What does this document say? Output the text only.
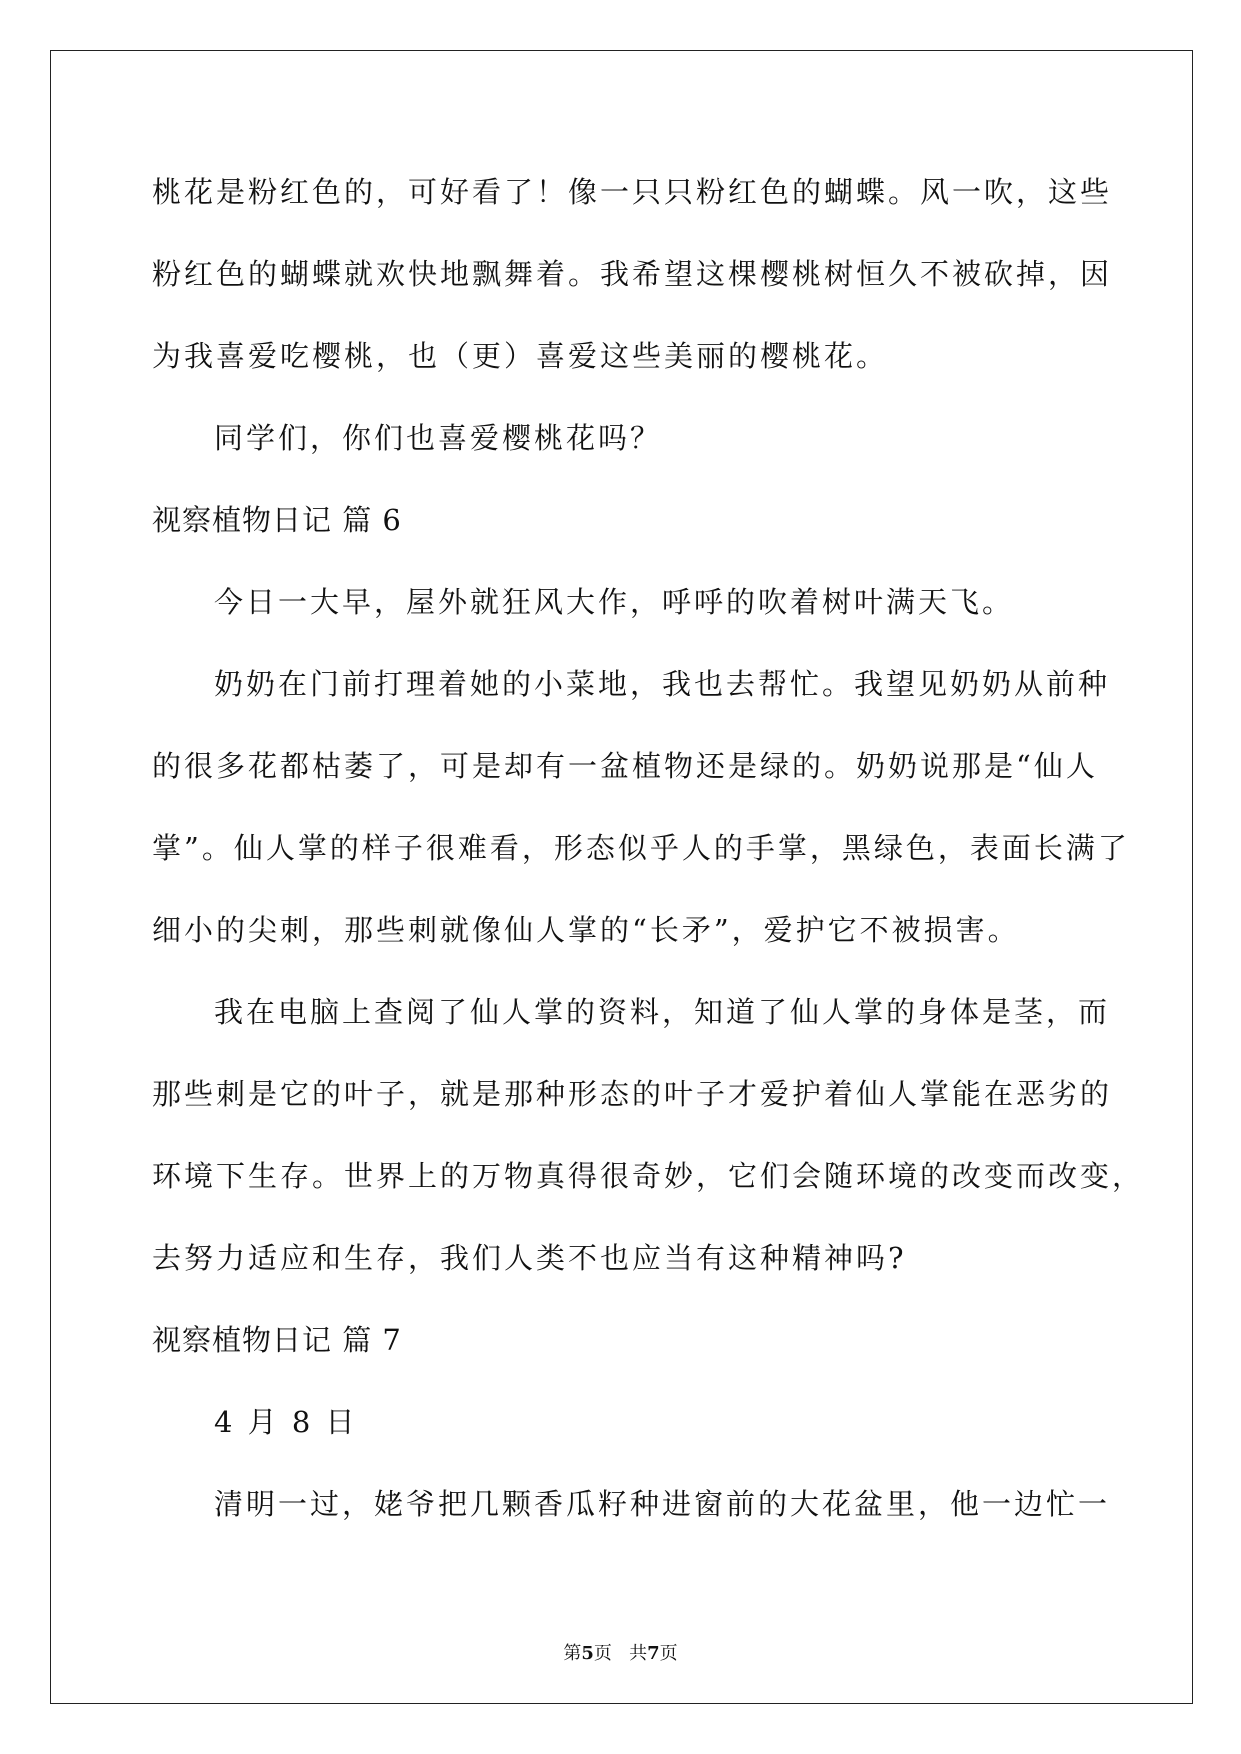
桃花是粉红色的，可好看了！像一只只粉红色的蝴蝶。风一吹，这些
粉红色的蝴蝶就欢快地飘舞着。我希望这棵樱桃树恒久不被砍掉，因
为我喜爱吃樱桃，也（更）喜爱这些美丽的樱桃花。
同学们，你们也喜爱樱桃花吗？
视察植物日记 篇 6
今日一大早，屋外就狂风大作，呼呼的吹着树叶满天飞。
奶奶在门前打理着她的小菜地，我也去帮忙。我望见奶奶从前种
的很多花都枯萎了，可是却有一盆植物还是绿的。奶奶说那是“仙人
掌”。仙人掌的样子很难看，形态似乎人的手掌，黑绿色，表面长满了
细小的尖刺，那些刺就像仙人掌的“长矛”，爱护它不被损害。
我在电脑上查阅了仙人掌的资料，知道了仙人掌的身体是茎，而
那些刺是它的叶子，就是那种形态的叶子才爱护着仙人掌能在恶劣的
环境下生存。世界上的万物真得很奇妙，它们会随环境的改变而改变，
去努力适应和生存，我们人类不也应当有这种精神吗?
视察植物日记 篇 7
4 月 8 日
清明一过，姥爷把几颗香瓜籽种进窗前的大花盆里，他一边忙一
第5页   共7页
